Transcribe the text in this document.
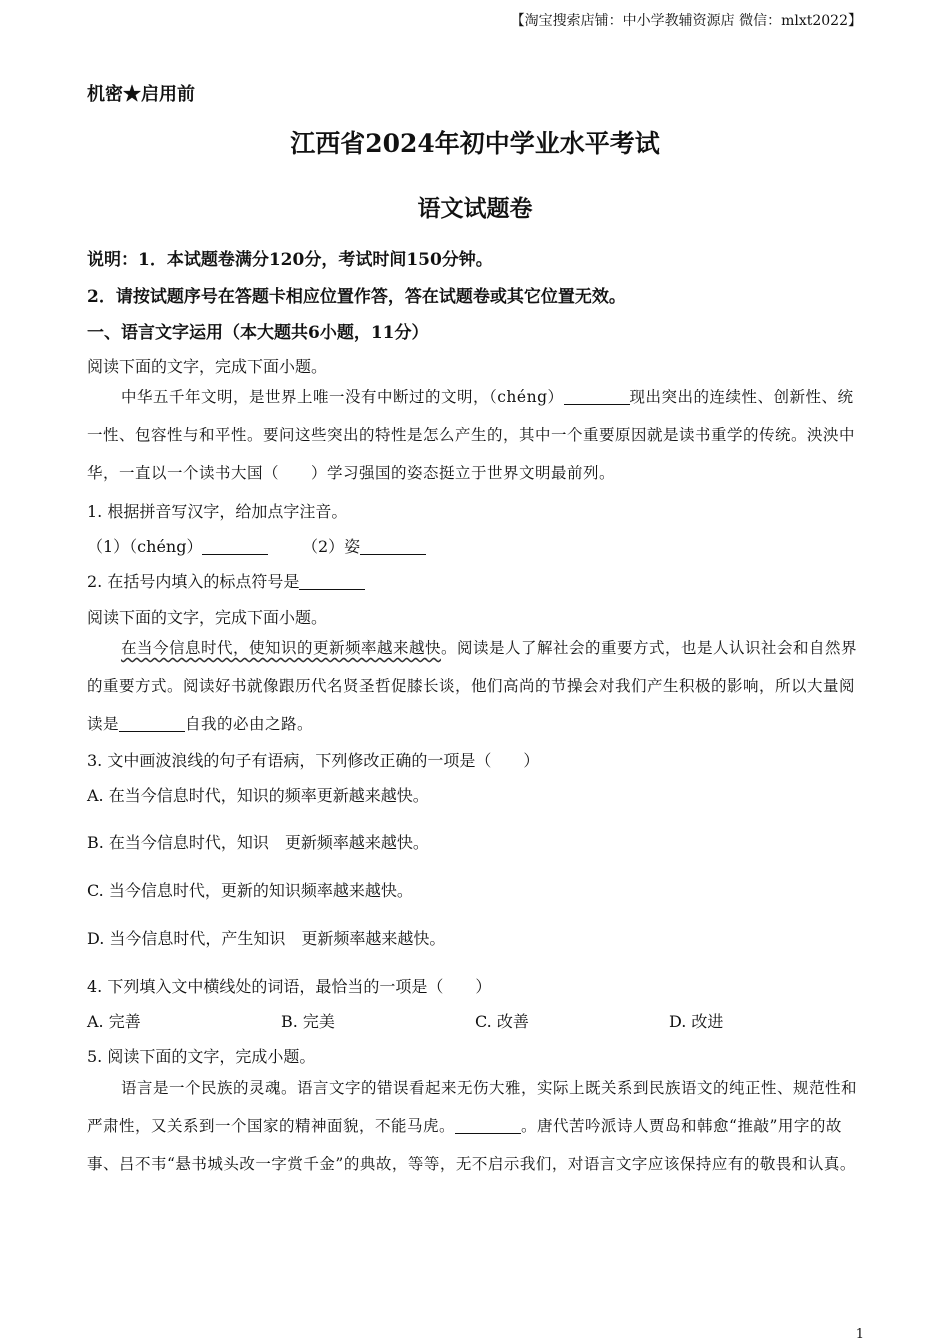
【淘宝搜索店铺：中小学教辅资源店 微信：mlxt2022】
机密★启用前
江西省2024年初中学业水平考试
语文试题卷
说明：1．本试题卷满分120分，考试时间150分钟。
2．请按试题序号在答题卡相应位置作答，答在试题卷或其它位置无效。
一、语言文字运用（本大题共6小题，11分）
阅读下面的文字，完成下面小题。
中华五千年文明，是世界上唯一没有中断过的文明，（chéng）	现出突出的连续性、创新性、统一性、包容性与和平性。要问这些突出的特性是怎么产生的，其中一个重要原因就是读书重学的传统。泱泱中华，一直以一个读书大国（　　）学习强国的姿态挺立于世界文明最前列。
1. 根据拼音写汉字，给加点字注音。
（1）（chéng）	（2）姿
2. 在括号内填入的标点符号是
阅读下面的文字，完成下面小题。
在当今信息时代，使知识的更新频率越来越快。阅读是人了解社会的重要方式，也是人认识社会和自然界的重要方式。阅读好书就像跟历代名贤圣哲促膝长谈，他们高尚的节操会对我们产生积极的影响，所以大量阅读是	自我的必由之路。
3. 文中画波浪线的句子有语病，下列修改正确的一项是（　　）
A. 在当今信息时代，知识的频率更新越来越快。
B. 在当今信息时代，知识　更新频率越来越快。
C. 当今信息时代，更新的知识频率越来越快。
D. 当今信息时代，产生知识　更新频率越来越快。
4. 下列填入文中横线处的词语，最恰当的一项是（　　）
A. 完善	B. 完美	C. 改善	D. 改进
5. 阅读下面的文字，完成小题。
语言是一个民族的灵魂。语言文字的错误看起来无伤大雅，实际上既关系到民族语文的纯正性、规范性和严肃性，又关系到一个国家的精神面貌，不能马虎。	。唐代苦吟派诗人贾岛和韩愈“推敲”用字的故事、吕不韦“悬书城头改一字赏千金”的典故，等等，无不启示我们，对语言文字应该保持应有的敬畏和认真。
1
